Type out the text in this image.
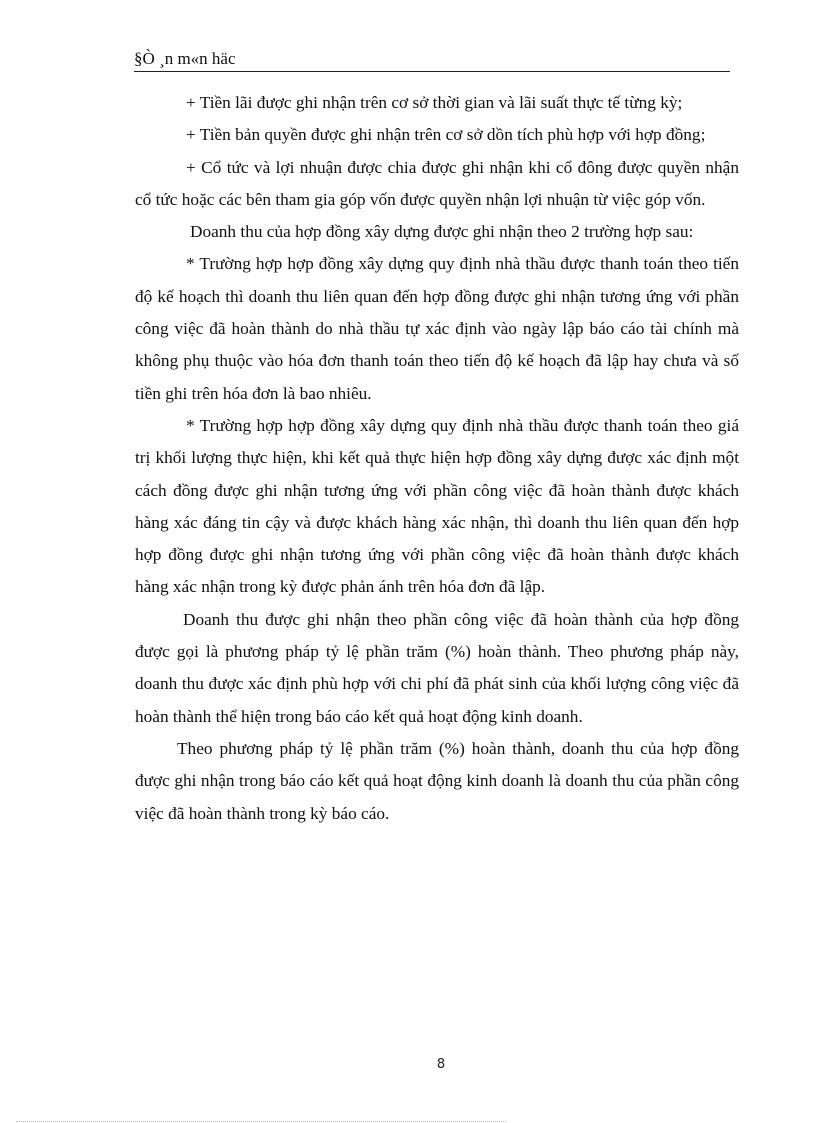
§Ò ¸n m«n häc

+ Tiền lãi được ghi nhận trên cơ sở thời gian và lãi suất thực tế từng kỳ;

+ Tiền bản quyền được ghi nhận trên cơ sở dồn tích phù hợp với hợp đồng;

+ Cổ tức và lợi nhuận được chia được ghi nhận khi cổ đông được quyền nhận cổ tức hoặc các bên tham gia góp vốn được quyền nhận lợi nhuận từ việc góp vốn.

Doanh thu của hợp đồng xây dựng được ghi nhận theo 2 trường hợp sau:

* Trường hợp hợp đồng xây dựng quy định nhà thầu được thanh toán theo tiến độ kế hoạch thì doanh thu liên quan đến hợp đồng được ghi nhận tương ứng với phần công việc đã hoàn thành do nhà thầu tự xác định vào ngày lập báo cáo tài chính mà không phụ thuộc vào hóa đơn thanh toán theo tiến độ kế hoạch đã lập hay chưa và số tiền ghi trên hóa đơn là bao nhiêu.

* Trường hợp hợp đồng xây dựng quy định nhà thầu được thanh toán theo giá trị khối lượng thực hiện, khi kết quả thực hiện hợp đồng xây dựng được xác định một cách đồng được ghi nhận tương ứng với phần công việc đã hoàn thành được khách hàng xác đáng tin cậy và được khách hàng xác nhận, thì doanh thu liên quan đến hợp hợp đồng được ghi nhận tương ứng với phần công việc đã hoàn thành được khách hàng xác nhận trong kỳ được phản ánh trên hóa đơn đã lập.

Doanh thu được ghi nhận theo phần công việc đã hoàn thành của hợp đồng được gọi là phương pháp tỷ lệ phần trăm (%) hoàn thành. Theo phương pháp này, doanh thu được xác định phù hợp với chi phí đã phát sinh của khối lượng công việc đã hoàn thành thể hiện trong báo cáo kết quả hoạt động kinh doanh.

Theo phương pháp tỷ lệ phần trăm (%) hoàn thành, doanh thu của hợp đồng được ghi nhận trong báo cáo kết quả hoạt động kinh doanh là doanh thu của phần công việc đã hoàn thành trong kỳ báo cáo.

8
